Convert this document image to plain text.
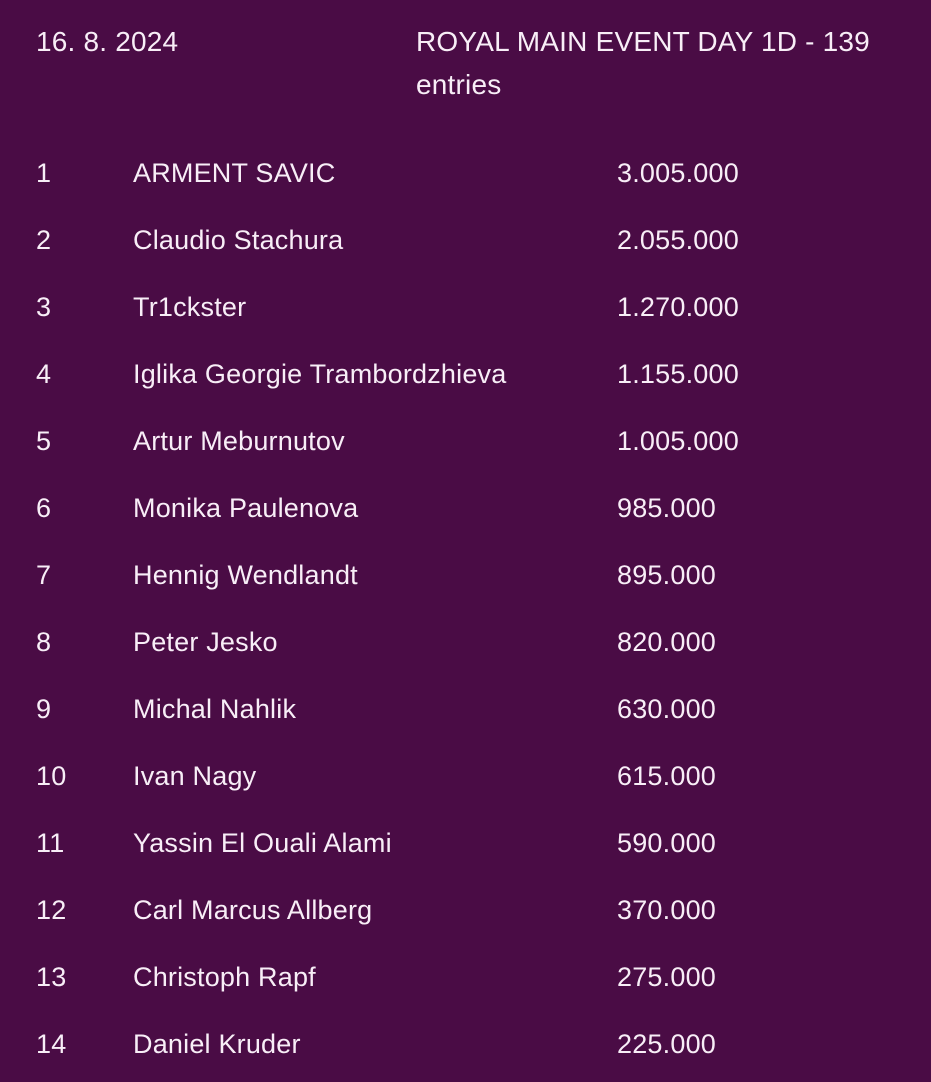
16. 8. 2024	ROYAL MAIN EVENT DAY 1D - 139 entries
1	ARMENT SAVIC	3.005.000
2	Claudio Stachura	2.055.000
3	Tr1ckster	1.270.000
4	Iglika Georgie Trambordzhieva	1.155.000
5	Artur Meburnutov	1.005.000
6	Monika Paulenova	985.000
7	Hennig Wendlandt	895.000
8	Peter Jesko	820.000
9	Michal Nahlik	630.000
10	Ivan Nagy	615.000
11	Yassin El Ouali Alami	590.000
12	Carl Marcus Allberg	370.000
13	Christoph Rapf	275.000
14	Daniel Kruder	225.000
